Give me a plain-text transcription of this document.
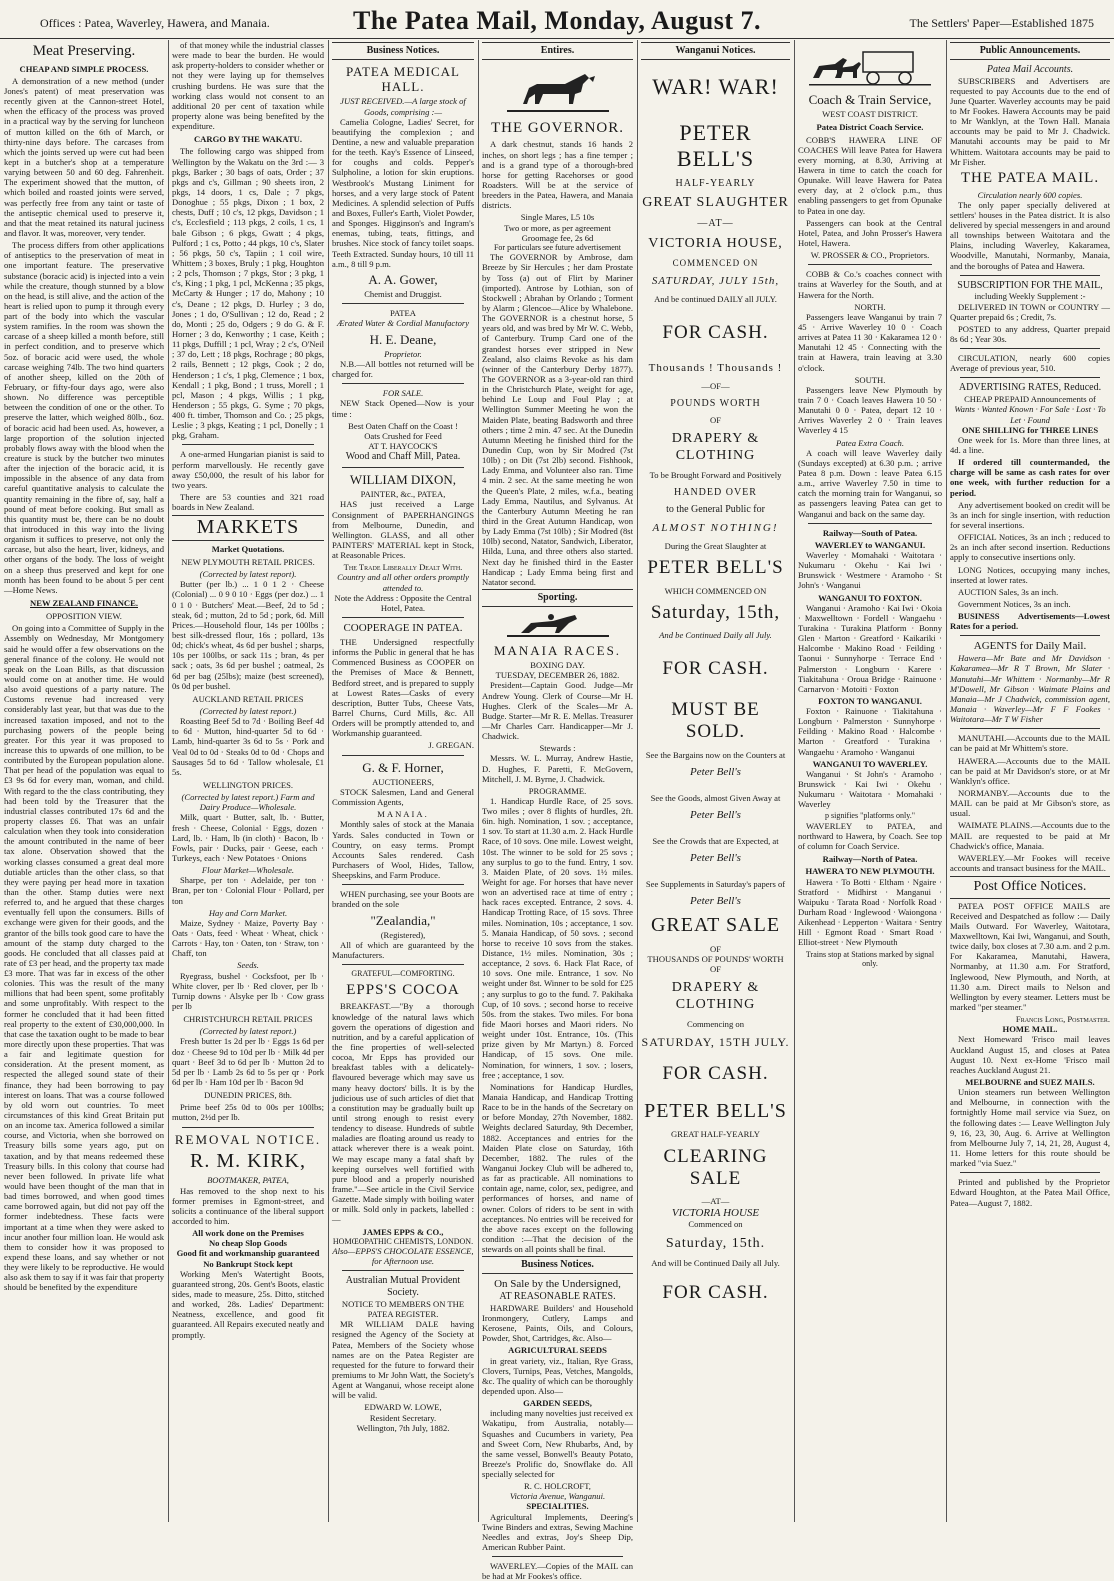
Offices : Patea, Waverley, Hawera, and Manaia.	The Patea Mail, Monday, August 7.	The Settlers' Paper—Established 1875
Meat Preserving.
CHEAP AND SIMPLE PROCESS.

A demonstration of a new method (under Jones's patent) of meat preservation was recently given at the Cannon-street Hotel, when the efficacy of the process was proved in a practical way by the serving for luncheon of mutton killed on the 6th of March, or thirty-nine days before. The carcases from which the joints served up were cut had been kept in a butcher's shop at a temperature varying between 50 and 60 deg. Fahrenheit. The experiment showed that the mutton, of which boiled and roasted joints were served, was perfectly free from any taint or taste of the antiseptic chemical used to preserve it, and that the meat retained its natural juciness and flavor. It was, moreover, very tender.

The process differs from other applications of antiseptics to the preservation of meat in one important feature. The preservative substance (boracic acid) is injected into a vein while the creature, though stunned by a blow on the head, is still alive, and the action of the heart is relied upon to pump it through every part of the body into which the vascular system ramifies. In the room was shown the carcase of a sheep killed a month before, still in perfect condition, and to preserve which 5oz. of boracic acid were used, the whole carcase weighing 74lb. The two hind quarters of another sheep, killed on the 20th of February, or fifty-four days ago, were also shown. No difference was perceptible between the condition of one or the other. To preserve the latter, which weighed 80lb., 6oz. of boracic acid had been used. As, however, a large proportion of the solution injected probably flows away with the blood when the creature is stuck by the butcher two minutes after the injection of the boracic acid, it is impossible in the absence of any data from careful quantitative analysis to calculate the quantity remaining in the fibre of, say, half a pound of meat before cooking. But small as this quantity must be, there can be no doubt that introduced in this way into the living organism it suffices to preserve, not only the carcase, but also the heart, liver, kidneys, and other organs of the body. The loss of weight on a sheep thus preserved and kept for one month has been found to be about 5 per cent—Home News.

NEW ZEALAND FINANCE.
OPPOSITION VIEW.

On going into a Committee of Supply in the Assembly on Wednesday, Mr Montgomery said he would offer a few observations on the general finance of the colony. He would not speak on the Loan Bills, as that discussion would come on at another time. He would also avoid questions of a party nature. The Customs revenue had increased very considerably last year, but that was due to the increased taxation imposed, and not to the purchasing powers of the people being greater. For this year it was proposed to increase this to upwards of one million, to be contributed by the European population alone. That per head of the population was equal to £3 9s 6d for every man, woman, and child. With regard to the the class contributing, they had been told by the Treasurer that the industrial classes contributed 17s 6d and the property classes £6. That was an unfair calculation when they took into consideration the amount contributed in the name of beer tax alone. Observation showed that the working classes consumed a great deal more dutiable articles than the other class, so that they were paying per head more in taxation than the other. Stamp duties were next referred to, and he argued that these charges eventually fell upon the consumers. Bills of exchange were given for their goods, and the grantor of the bills took good care to have the amount of the stamp duty charged to the goods. He concluded that all classes paid at rate of £3 per head, and the property tax made £3 more. That was far in excess of the other colonies. This was the result of the many millions that had been spent, some profitably and some unprofitably. With respect to the former he concluded that it had been fitted real property to the extent of £30,000,000. In that case the taxation ought to be made to bear more directly upon these properties. That was a fair and legitimate question for consideration. At the present moment, as respected the alleged sound state of their finance, they had been borrowing to pay interest on loans. That was a course followed by old worn out countries. To meet circumstances of this kind Great Britain put on an income tax. America followed a similar course, and Victoria, when she borrowed on Treasury bills some years ago, put on taxation, and by that means redeemed these Treasury bills. In this colony that course had never been followed. In private life what would have been thought of the man that in bad times borrowed, and when good times came borrowed again, but did not pay off the former indebtedness. These facts were important at a time when they were asked to incur another four million loan. He would ask them to consider how it was proposed to expend these loans, and say whether or not they were likely to be reproductive. He would also ask them to say if it was fair that property should be benefited by the expenditure

of that money while the industrial classes were made to bear the burden. He would ask property-holders to consider whether or not they were laying up for themselves crushing burdens. He was sure that the working class would not consent to an additional 20 per cent of taxation while property alone was being benefited by the expenditure.

CARGO BY THE WAKATU.

The following cargo was shipped from Wellington by the Wakatu on the 3rd :— 3 pkgs, Barker ; 30 bags of oats, Order ; 37 pkgs and c's, Gillman ; 90 sheets iron, 2 pkgs, 14 doors, 1 cs, Dale ; 7 pkgs, Donoghue ; 55 pkgs, Dixon ; 1 box, 2 chests, Duff ; 10 c's, 12 pkgs, Davidson ; 1 c's, Ecclesfield ; 113 pkgs, 2 coils, 1 cs, 1 bale Gibson ; 6 pkgs, Gwatt ; 4 pkgs, Pulford ; 1 cs, Potto ; 44 pkgs, 10 c's, Slater ; 56 pkgs, 50 c's, Tapiin ; 1 coil wire, Whittem ; 3 boxes, Bruly ; 1 pkg, Houghton ; 2 pcls, Thomson ; 7 pkgs, Stor ; 3 pkg, 1 c's, King ; 1 pkg, 1 pcl, McKenna ; 35 pkgs, McCarty & Hunger ; 17 do, Mahony ; 10 c's, Deane ; 12 pkgs, D. Hurley ; 3 do, Jones ; 1 do, O'Sullivan ; 12 do, Read ; 2 do, Monti ; 25 do, Odgers ; 9 do G. & F. Horner ; 3 do, Kenworthy ; 1 case, Keith ; 11 pkgs, Duffill ; 1 pcl, Wray ; 2 c's, O'Neil ; 37 do, Lett ; 18 pkgs, Rochrage ; 80 pkgs, 2 rails, Bennett ; 12 pkgs, Cook ; 2 do, Henderson ; 1 c's, 1 pkg, Clemence ; 1 box, Kendall ; 1 pkg, Bond ; 1 truss, Morell ; 1 pcl, Mason ; 4 pkgs, Willis ; 1 pkg, Henderson ; 55 pkgs, G. Syme ; 70 pkgs, 400 ft. timber, Thomson and Co. ; 25 pkgs, Leslie ; 3 pkgs, Keating ; 1 pcl, Donelly ; 1 pkg, Graham.

A one-armed Hungarian pianist is said to perform marvellously. He recently gave away £50,000, the result of his labor for two years.

There are 53 counties and 321 road boards in New Zealand.

MARKETS
Market Quotations.
NEW PLYMOUTH RETAIL PRICES.
(Corrected by latest report).

Butter (per lb.) ... 1 0 1 2 · Cheese (Colonial) ... 0 9 0 10 · Eggs (per doz.) ... 1 0 1 0 · Butchers' Meat.—Beef, 2d to 5d ; steak, 6d ; mutton, 2d to 5d ; pork, 6d. Mill Prices.—Household flour, 14s per 100lbs ; best silk-dressed flour, 16s ; pollard, 13s 0d; chick's wheat, 4s 6d per bushel ; sharps, 10s per 100lbs, or sack 11s ; bran, 4s per sack ; oats, 3s 6d per bushel ; oatmeal, 2s 6d per bag (25lbs); maize (best screened), 0s 0d per bushel.

AUCKLAND RETAIL PRICES
(Corrected by latest report.)

Roasting Beef 5d to 7d · Boiling Beef 4d to 6d · Mutton, hind-quarter 5d to 6d · Lamb, hind-quarter 3s 6d to 5s · Pork and Veal 0d to 0d · Steaks 0d to 0d · Chops and Sausages 5d to 6d · Tallow wholesale, £1 5s.

WELLINGTON PRICES.
(Corrected by latest report.) Farm and Dairy Produce—Wholesale.

Milk, quart · Butter, salt, lb. · Butter, fresh · Cheese, Colonial · Eggs, dozen · Lard, lb. · Ham, lb (in cloth) · Bacon, lb · Fowls, pair · Ducks, pair · Geese, each · Turkeys, each · New Potatoes · Onions

Flour Market—Wholesale.

Sharpe, per ton · Adelaide, per ton · Bran, per ton · Colonial Flour · Pollard, per ton

Hay and Corn Market.

Maize, Sydney · Maize, Poverty Bay · Oats · Oats, feed · Wheat · Wheat, chick · Carrots · Hay, ton · Oaten, ton · Straw, ton · Chaff, ton

Seeds.

Ryegrass, bushel · Cocksfoot, per lb · White clover, per lb · Red clover, per lb · Turnip downs · Alsyke per lb · Cow grass per lb

CHRISTCHURCH RETAIL PRICES
(Corrected by latest report.)

Fresh butter 1s 2d per lb · Eggs 1s 6d per doz · Cheese 9d to 10d per lb · Milk 4d per quart · Beef 3d to 6d per lb · Mutton 2d to 5d per lb · Lamb 2s 6d to 5s per qr · Pork 6d per lb · Ham 10d per lb · Bacon 9d

DUNEDIN PRICES, 8th.

Prime beef 25s 0d to 00s per 100lbs; mutton, 2½d per lb.

REMOVAL NOTICE.
R. M. KIRK,
BOOTMAKER, PATEA,

Has removed to the shop next to his former premises in Egmont-street, and solicits a continuance of the liberal support accorded to him.

All work done on the Premises
No cheap Slop Goods
Good fit and workmanship guaranteed
No Bankrupt Stock kept

Working Men's Watertight Boots, guaranteed strong, 20s. Gent's Boots, elastic sides, made to measure, 25s. Ditto, stitched and worked, 28s. Ladies' Department: Neatness, excellence, and good fit guaranteed. All Repairs executed neatly and promptly.

Business Notices.
PATEA MEDICAL HALL.
JUST RECEIVED.—A large stock of Goods, comprising :—

Camelia Cologne, Ladies' Secret, for beautifying the complexion ; and Dentine, a new and valuable preparation for the teeth. Kay's Essence of Linseed, for coughs and colds. Pepper's Sulpholine, a lotion for skin eruptions. Westbrook's Mustang Liniment for horses, and a very large stock of Patent Medicines. A splendid selection of Puffs and Boxes, Fuller's Earth, Violet Powder, and Sponges. Higginson's and Ingram's enemas, tubing, teats, fittings, and brushes. Nice stock of fancy toilet soaps. Teeth Extracted. Sunday hours, 10 till 11 a.m., 8 till 9 p.m.

A. A. Gower,
Chemist and Druggist.
PATEA
Ærated Water & Cordial Manufactory
H. E. Deane,
Proprietor.

N.B.—All bottles not returned will be charged for.

FOR SALE.

NEW Stack Opened—Now is your time :

Best Oaten Chaff on the Coast !
Oats Crushed for Feed
AT T. HAYCOCK'S
Wood and Chaff Mill, Patea.
WILLIAM DIXON,
PAINTER, &c., PATEA,

HAS just received a Large Consignment of PAPERHANGINGS from Melbourne, Dunedin, and Wellington. GLASS, and all other PAINTERS' MATERIAL kept in Stock, at Reasonable Prices.

The Trade Liberally Dealt With.
Country and all other orders promptly attended to.
Note the Address : Opposite the Central Hotel, Patea.
COOPERAGE IN PATEA.

THE Undersigned respectfully informs the Public in general that he has Commenced Business as COOPER on the Premises of Mace & Bennett, Bedford street, and is prepared to supply at Lowest Rates—Casks of every description, Butter Tubs, Cheese Vats, Barrel Churns, Curd Mills, &c. All Orders will be promptly attended to, and Workmanship guaranteed.

J. GREGAN.
G. & F. Horner,
AUCTIONEERS,

STOCK Salesmen, Land and General Commission Agents,

MANAIA.

Monthly sales of stock at the Manaia Yards. Sales conducted in Town or Country, on easy terms. Prompt Accounts Sales rendered. Cash Purchasers of Wool, Hides, Tallow, Sheepskins, and Farm Produce.

WHEN purchasing, see your Boots are branded on the sole

"Zealandia,"
(Registered),

All of which are guaranteed by the Manufacturers.

GRATEFUL—COMFORTING.
EPPS'S COCOA

BREAKFAST.—"By a thorough knowledge of the natural laws which govern the operations of digestion and nutrition, and by a careful application of the fine properties of well-selected cocoa, Mr Epps has provided our breakfast tables with a delicately-flavoured beverage which may save us many heavy doctors' bills. It is by the judicious use of such articles of diet that a constitution may be gradually built up until strong enough to resist every tendency to disease. Hundreds of subtle maladies are floating around us ready to attack wherever there is a weak point. We may escape many a fatal shaft by keeping ourselves well fortified with pure blood and a properly nourished frame."—See article in the Civil Service Gazette. Made simply with boiling water or milk. Sold only in packets, labelled :—

JAMES EPPS & CO.,
HOMŒOPATHIC CHEMISTS, LONDON.
Also—EPPS'S CHOCOLATE ESSENCE, for Afternoon use.
Australian Mutual Provident Society.
NOTICE TO MEMBERS ON THE PATEA REGISTER.

MR WILLIAM DALE having resigned the Agency of the Society at Patea, Members of the Society whose names are on the Patea Register are requested for the future to forward their premiums to Mr John Watt, the Society's Agent at Wanganui, whose receipt alone will be valid.

EDWARD W. LOWE,
Resident Secretary.
Wellington, 7th July, 1882.
Entires.
THE GOVERNOR.

A dark chestnut, stands 16 hands 2 inches, on short legs ; has a fine temper ; and is a grand type of a thorough-bred horse for getting Racehorses or good Roadsters. Will be at the service of breeders in the Patea, Hawera, and Manaia districts.

Single Mares, L5 10s
Two or more, as per agreement
Groomage fee, 2s 6d
For particulars see future advertisement

The GOVERNOR by Ambrose, dam Breeze by Sir Hercules ; her dam Prostate by Toss (a) out of Flirt by Mariner (imported). Antrose by Lothian, son of Stockwell ; Abrahan by Orlando ; Torment by Alarm ; Glencoe—Alice by Whalebone. The GOVERNOR is a chestnut horse, 5 years old, and was bred by Mr W. C. Webb, of Canterbury. Trump Card one of the grandest horses ever stripped in New Zealand, also claims Revoke as his dam (winner of the Canterbury Derby 1877). The GOVERNOR as a 3-year-old ran third in the Christchurch Plate, weight for age, behind Le Loup and Foul Play ; at Wellington Summer Meeting he won the Maiden Plate, beating Badsworth and three others ; time 2 min. 47 sec. At the Dunedin Autumn Meeting he finished third for the Dunedin Cup, won by Sir Modred (7st 10lb) ; on Dit (7st 2lb) second. Fishhook, Lady Emma, and Volunteer also ran. Time 4 min. 2 sec. At the same meeting he won the Queen's Plate, 2 miles, w.f.a., beating Lady Emma, Nautilus, and Sylvanus. At the Canterbury Autumn Meeting he ran third in the Great Autumn Handicap, won by Lady Emma (7st 10lb) ; Sir Modred (8st 10lb) second, Natator, Sandwich, Liberator, Hilda, Luna, and three others also started. Next day he finished third in the Easter Handicap ; Lady Emma being first and Natator second.

Sporting.
MANAIA RACES.
BOXING DAY.
TUESDAY, DECEMBER 26, 1882.

President—Captain Good. Judge—Mr Andrew Young. Clerk of Course—Mr H. Hughes. Clerk of the Scales—Mr A. Budge. Starter—Mr R. E. Mellas. Treasurer—Mr Charles Carr. Handicapper—Mr J. Chadwick.

Stewards :

Messrs. W. L. Murray, Andrew Hastie, D. Hughes, F. Paretti, F. McGovern, Mitchell, J. M. Byrne, J. Chadwick.

PROGRAMME.

1. Handicap Hurdle Race, of 25 sovs. Two miles ; over 8 flights of hurdles, 2ft. 6in. high. Nomination, 1 sov. ; acceptance, 1 sov. To start at 11.30 a.m. 2. Hack Hurdle Race, of 10 sovs. One mile. Lowest weight, 10st. The winner to be sold for 25 sovs ; any surplus to go to the fund. Entry, 1 sov. 3. Maiden Plate, of 20 sovs. 1½ miles. Weight for age. For horses that have never won an advertised race at time of entry ; hack races excepted. Entrance, 2 sovs. 4. Handicap Trotting Race, of 15 sovs. Three miles. Nomination, 10s ; acceptance, 1 sov. 5. Manaia Handicap, of 50 sovs. ; second horse to receive 10 sovs from the stakes. Distance, 1½ miles. Nomination, 30s ; acceptance, 2 sovs. 6. Hack Flat Race, of 10 sovs. One mile. Entrance, 1 sov. No weight under 8st. Winner to be sold for £25 ; any surplus to go to the fund. 7. Pakihaka Cup, of 10 sovs. ; second horse to receive 50s. from the stakes. Two miles. For bona fide Maori horses and Maori riders. No weight under 10st. Entrance, 10s. (This prize given by Mr Martyn.) 8. Forced Handicap, of 15 sovs. One mile. Nomination, for winners, 1 sov. ; losers, free ; acceptance, 1 sov.

Nominations for Handicap Hurdles, Manaia Handicap, and Handicap Trotting Race to be in the hands of the Secretary on or before Monday, 27th November, 1882. Weights declared Saturday, 9th December, 1882. Acceptances and entries for the Maiden Plate close on Saturday, 16th December, 1882. The rules of the Wanganui Jockey Club will be adhered to, as far as practicable. All nominations to contain age, name, color, sex, pedigree, and performances of horses, and name of owner. Colors of riders to be sent in with acceptances. No entries will be received for the above races except on the following condition :—That the decision of the stewards on all points shall be final.

Business Notices.
On Sale by the Undersigned,
AT REASONABLE RATES.

HARDWARE Builders' and Household Ironmongery, Cutlery, Lamps and Kerosene, Paints, Oils, and Colours, Powder, Shot, Cartridges, &c. Also—

AGRICULTURAL SEEDS

in great variety, viz., Italian, Rye Grass, Clovers, Turnips, Peas, Vetches, Mangolds, &c. The quality of which can be thoroughly depended upon. Also—

GARDEN SEEDS,

including many novelties just received ex Wakatipu, from Australia, notably— Squashes and Cucumbers in variety, Pea and Sweet Corn, New Rhubarbs, And, by the same vessel, Bonwell's Beauty Potato, Breeze's Prolific do, Snowflake do. All specially selected for

R. C. HOLCROFT,
Victoria Avenue, Wanganui.
SPECIALITIES.

Agricultural Implements, Deering's Twine Binders and extras, Sewing Machine Needles and extras, Joy's Sheep Dip, American Rubber Paint.

WAVERLEY.—Copies of the MAIL can be had at Mr Fookes's office.

Wanganui Notices.
WAR! WAR!
PETER BELL'S
HALF-YEARLY
GREAT SLAUGHTER
—AT—
VICTORIA HOUSE,
COMMENCED ON
SATURDAY, JULY 15th,
And be continued DAILY all JULY.
FOR CASH.
Thousands ! Thousands !
—OF—
POUNDS WORTH
OF
DRAPERY & CLOTHING
To be Brought Forward and Positively
HANDED OVER
to the General Public for
ALMOST NOTHING!
During the Great Slaughter at
PETER BELL'S
WHICH COMMENCED ON
Saturday, 15th,
And be Continued Daily all July.
FOR CASH.
MUST BE SOLD.
See the Bargains now on the Counters at
Peter Bell's
See the Goods, almost Given Away at
Peter Bell's
See the Crowds that are Expected, at
Peter Bell's
See Supplements in Saturday's papers of
Peter Bell's
GREAT SALE
OF
THOUSANDS OF POUNDS' WORTH
OF
DRAPERY & CLOTHING
Commencing on
SATURDAY, 15TH JULY.
FOR CASH.
PETER BELL'S
GREAT HALF-YEARLY
CLEARING SALE
—AT—
VICTORIA HOUSE
Commenced on
Saturday, 15th.
And will be Continued Daily all July.
FOR CASH.
Coach & Train Service,
WEST COAST DISTRICT.
Patea District Coach Service.

COBB'S HAWERA LINE OF COACHES Will leave Patea for Hawera every morning, at 8.30, Arriving at Hawera in time to catch the coach for Opunake. Will leave Hawera for Patea every day, at 2 o'clock p.m., thus enabling passengers to get from Opunake to Patea in one day.

Passengers can book at the Central Hotel, Patea, and John Prosser's Hawera Hotel, Hawera.

W. PROSSER & CO., Proprietors.

COBB & Co.'s coaches connect with trains at Waverley for the South, and at Hawera for the North.

NORTH.

Passengers leave Wanganui by train 7 45 · Arrive Waverley 10 0 · Coach arrives at Patea 11 30 · Kakaramea 12 0 · Manutahi 12 45 · Connecting with the train at Hawera, train leaving at 3.30 o'clock.

SOUTH.

Passengers leave New Plymouth by train 7 0 · Coach leaves Hawera 10 50 · Manutahi 0 0 · Patea, depart 12 10 · Arrives Waverley 2 0 · Train leaves Waverley 4 15

Patea Extra Coach.

A coach will leave Waverley daily (Sundays excepted) at 6.30 p.m. ; arrive Patea 8 p.m. Down : leave Patea 6.15 a.m., arrive Waverley 7.50 in time to catch the morning train for Wanganui, so as passengers leaving Patea can get to Wanganui and back on the same day.

Railway—South of Patea.
WAVERLEY to WANGANUI.

Waverley · Momahaki · Waitotara · Nukumaru · Okehu · Kai Iwi · Brunswick · Westmere · Aramoho · St John's · Wanganui

WANGANUI TO FOXTON.

Wanganui · Aramoho · Kai Iwi · Okoia · Maxwelltown · Fordell · Wangaehu · Turakina · Turakina Platform · Bonny Glen · Marton · Greatford · Kaikariki · Halcombe · Makino Road · Feilding · Taonui · Sunnyhorpe · Terrace End · Palmerston · Longburn · Karere · Tiakitahuna · Oroua Bridge · Rainuone · Carnarvon · Motoiti · Foxton

FOXTON TO WANGANUI.

Foxton · Rainuone · Tiakitahuna · Longburn · Palmerston · Sunnyhorpe · Feilding · Makino Road · Halcombe · Marton · Greatford · Turakina · Wangaehu · Aramoho · Wanganui

WANGANUI TO WAVERLEY.

Wanganui · St John's · Aramoho · Brunswick · Kai Iwi · Okehu · Nukumaru · Waitotara · Momahaki · Waverley

p signifies "platforms only."

WAVERLEY to PATEA, and northward to Hawera, by Coach. See top of column for Coach Service.

Railway—North of Patea.
HAWERA TO NEW PLYMOUTH.

Hawera · To Botti · Eltham · Ngaire · Stratford · Midhirst · Manganui · Waipuku · Tarata Road · Norfolk Road · Durham Road · Inglewood · Waiongona · Aikenhead · Lepperton · Waitara · Sentry Hill · Egmont Road · Smart Road · Elliot-street · New Plymouth

Trains stop at Stations marked by signal only.
Public Announcements.
Patea Mail Accounts.

SUBSCRIBERS and Advertisers are requested to pay Accounts due to the end of June Quarter. Waverley accounts may be paid to Mr Fookes. Hawera Accounts may be paid to Mr Wanklyn, at the Town Hall. Manaia accounts may be paid to Mr J. Chadwick. Manutahi accounts may be paid to Mr Whittem. Waitotara accounts may be paid to Mr Fisher.

THE PATEA MAIL.
Circulation nearly 600 copies.

The only paper specially delivered at settlers' houses in the Patea district. It is also delivered by special messengers in and around all townships between Waitotara and the Plains, including Waverley, Kakaramea, Woodville, Manutahi, Normanby, Manaia, and the boroughs of Patea and Hawera.

SUBSCRIPTION FOR THE MAIL,
including Weekly Supplement :-

DELIVERED IN TOWN or COUNTRY —Quarter prepaid 6s ; Credit, 7s.

POSTED to any address, Quarter prepaid 8s 6d ; Year 30s.

CIRCULATION, nearly 600 copies Average of previous year, 510.

ADVERTISING RATES, Reduced.
CHEAP PREPAID Announcements of
Wants · Wanted Known · For Sale · Lost · To Let · Found
ONE SHILLING for THREE LINES

One week for 1s. More than three lines, at 4d. a line.

If ordered till countermanded, the charge will be same as cash rates for over one week, with further reduction for a period.

Any advertisement booked on credit will be 3s an inch for single insertion, with reduction for several insertions.

OFFICIAL Notices, 3s an inch ; reduced to 2s an inch after second insertion. Reductions apply to consecutive insertions only.

LONG Notices, occupying many inches, inserted at lower rates.

AUCTION Sales, 3s an inch.

Government Notices, 3s an inch.

BUSINESS Advertisements—Lowest Rates for a period.

AGENTS for Daily Mail.

Hawera—Mr Bate and Mr Davidson · Kakaramea—Mr R T Brown, Mr Slater · Manutahi—Mr Whittem · Normanby—Mr R M'Dowell, Mr Gibson · Waimate Plains and Manaia—Mr J Chadwick, commission agent, Manaia · Waverley—Mr F F Fookes · Waitotara—Mr T W Fisher

MANUTAHI.—Accounts due to the MAIL can be paid at Mr Whittem's store.

HAWERA.—Accounts due to the MAIL can be paid at Mr Davidson's store, or at Mr Wanklyn's office.

NORMANBY.—Accounts due to the MAIL can be paid at Mr Gibson's store, as usual.

WAIMATE PLAINS.—Accounts due to the MAIL are requested to be paid at Mr Chadwick's office, Manaia.

WAVERLEY.—Mr Fookes will receive accounts and transact business for the MAIL.

Post Office Notices.

PATEA POST OFFICE MAILS are Received and Despatched as follow :— Daily Mails Outward. For Waverley, Waitotara, Maxwelltown, Kai Iwi, Wanganui, and South, twice daily, box closes at 7.30 a.m. and 2 p.m. For Kakaramea, Manutahi, Hawera, Normanby, at 11.30 a.m. For Stratford, Inglewood, New Plymouth, and North, at 11.30 a.m. Direct mails to Nelson and Wellington by every steamer. Letters must be marked "per steamer."

Francis Long, Postmaster.
HOME MAIL.

Next Homeward 'Frisco mail leaves Auckland August 15, and closes at Patea August 10. Next ex-Home 'Frisco mail reaches Auckland August 21.

MELBOURNE and SUEZ MAILS.

Union steamers run between Wellington and Melbourne, in connection with the fortnightly Home mail service via Suez, on the following dates :— Leave Wellington July 9, 16, 23, 30, Aug. 6. Arrive at Wellington from Melbourne July 7, 14, 21, 28, August 4, 11. Home letters for this route should be marked "via Suez."

Printed and published by the Proprietor Edward Houghton, at the Patea Mail Office, Patea—August 7, 1882.
